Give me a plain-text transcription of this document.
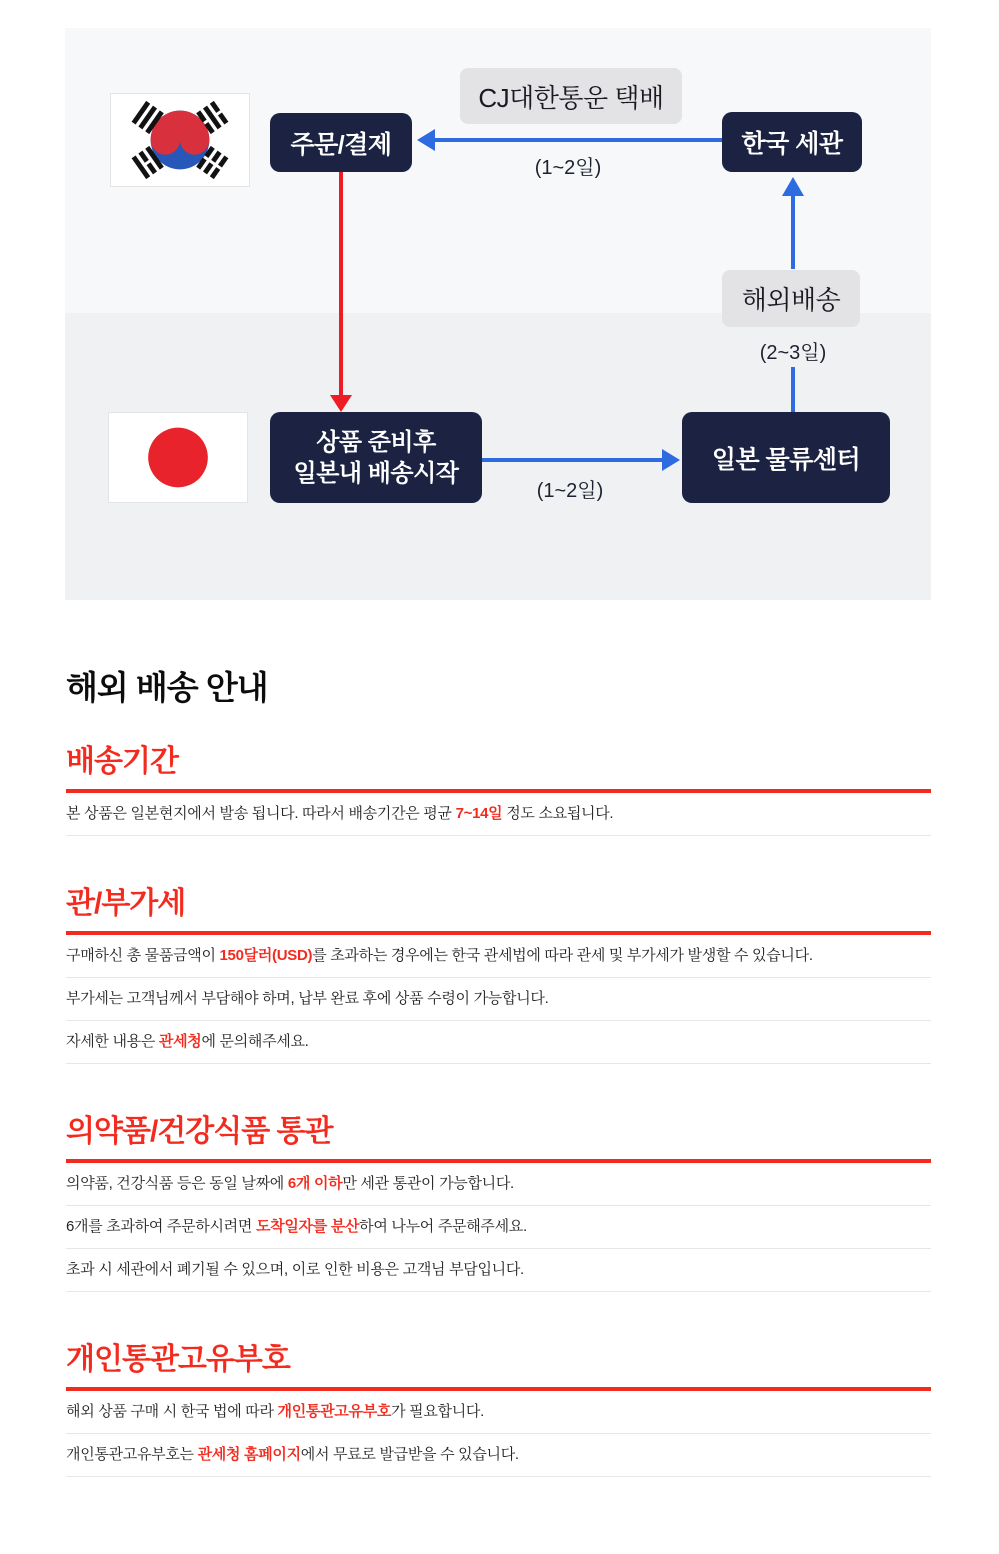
주문/결제	한국 세관
상품 준비후
일본내 배송시작	일본 물류센터
CJ대한통운 택배
해외배송
(1~2일)
(2~3일)
(1~2일)
해외 배송 안내
배송기간
본 상품은 일본현지에서 발송 됩니다. 따라서 배송기간은 평균 7~14일 정도 소요됩니다.
관/부가세
구매하신 총 물품금액이 150달러(USD)를 초과하는 경우에는 한국 관세법에 따라 관세 및 부가세가 발생할 수 있습니다.
부가세는 고객님께서 부담해야 하며, 납부 완료 후에 상품 수령이 가능합니다.
자세한 내용은 관세청에 문의해주세요.
의약품/건강식품 통관
의약품, 건강식품 등은 동일 날짜에 6개 이하만 세관 통관이 가능합니다.
6개를 초과하여 주문하시려면 도착일자를 분산하여 나누어 주문해주세요.
초과 시 세관에서 폐기될 수 있으며, 이로 인한 비용은 고객님 부담입니다.
개인통관고유부호
해외 상품 구매 시 한국 법에 따라 개인통관고유부호가 필요합니다.
개인통관고유부호는 관세청 홈페이지에서 무료로 발급받을 수 있습니다.
